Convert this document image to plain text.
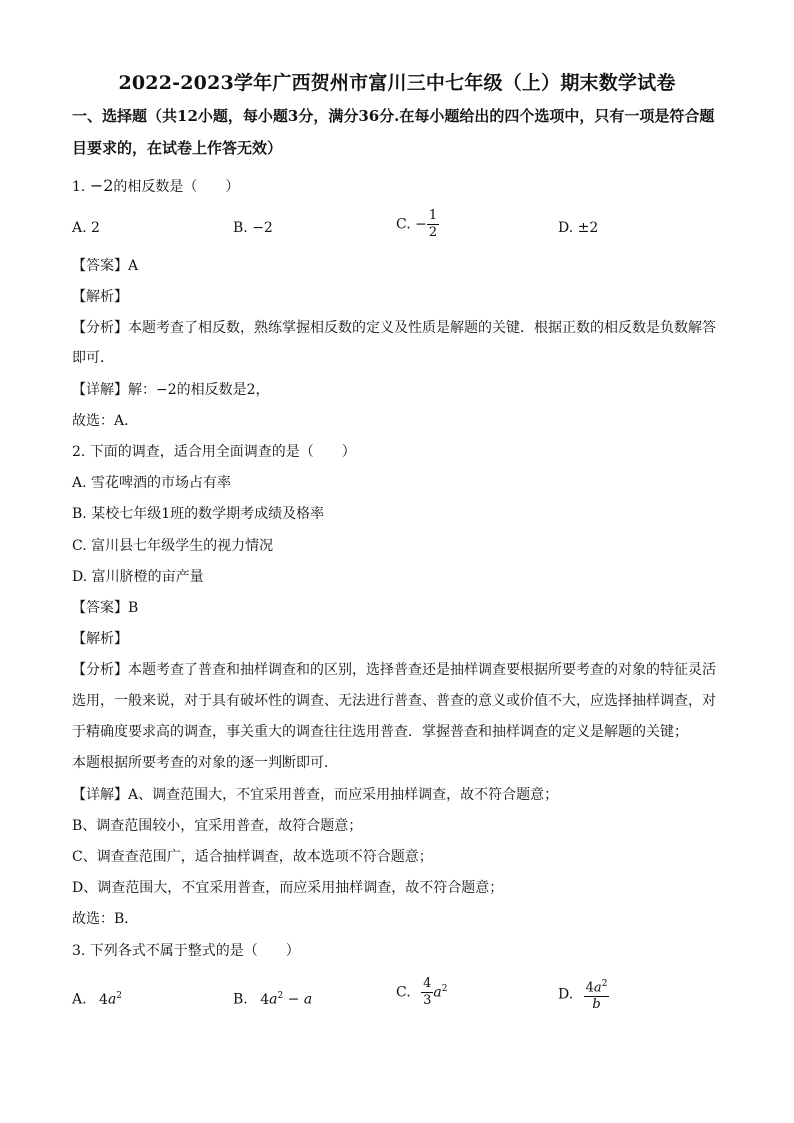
2022-2023学年广西贺州市富川三中七年级（上）期末数学试卷
一、选择题（共12小题，每小题3分，满分36分.在每小题给出的四个选项中，只有一项是符合题目要求的，在试卷上作答无效）
1. −2的相反数是（　　）
A. 2	B. −2	C. − $\frac{1}{2}$	D. ±2
【答案】A
【解析】
【分析】本题考查了相反数，熟练掌握相反数的定义及性质是解题的关键．根据正数的相反数是负数解答
即可．
【详解】解：−2的相反数是2，
故选：A．
2. 下面的调查，适合用全面调查的是（　　）
A. 雪花啤酒的市场占有率
B. 某校七年级1班的数学期考成绩及格率
C. 富川县七年级学生的视力情况
D. 富川脐橙的亩产量
【答案】B
【解析】
【分析】本题考查了普查和抽样调查和的区别，选择普查还是抽样调查要根据所要考查的对象的特征灵活
选用，一般来说，对于具有破坏性的调查、无法进行普查、普查的意义或价值不大，应选择抽样调查，对
于精确度要求高的调查，事关重大的调查往往选用普查．掌握普查和抽样调查的定义是解题的关键；
本题根据所要考查的对象的逐一判断即可．
【详解】A、调查范围大，不宜采用普查，而应采用抽样调查，故不符合题意；
B、调查范围较小，宜采用普查，故符合题意；
C、调查查范围广，适合抽样调查，故本选项不符合题意；
D、调查范围大，不宜采用普查，而应采用抽样调查，故不符合题意；
故选：B．
3. 下列各式不属于整式的是（　　）
A. $4a^2$	B. $4a^2 - a$	C. $\frac{4}{3} a^2$	D. $\frac{4a^2}{b}$
